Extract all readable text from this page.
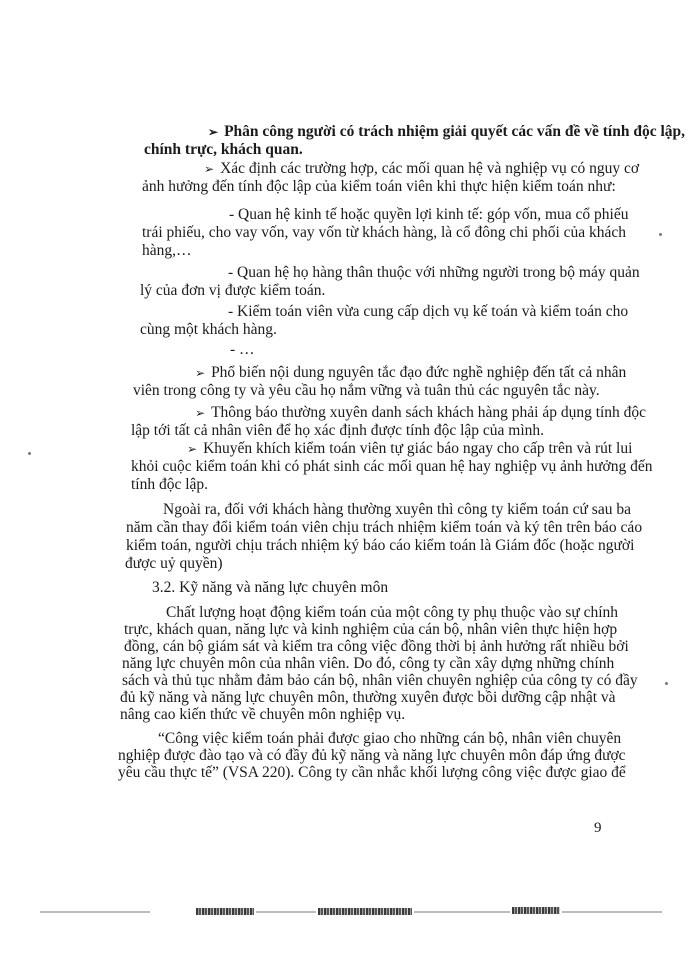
➢ Phân công người có trách nhiệm giải quyết các vấn đề về tính độc lập,
chính trực, khách quan.
➢ Xác định các trường hợp, các mối quan hệ và nghiệp vụ có nguy cơ
ảnh hưởng đến tính độc lập của kiểm toán viên khi thực hiện kiểm toán như:
- Quan hệ kinh tế hoặc quyền lợi kinh tế: góp vốn, mua cổ phiếu
trái phiếu, cho vay vốn, vay vốn từ khách hàng, là cổ đông chi phối của khách
hàng,…
- Quan hệ họ hàng thân thuộc với những người trong bộ máy quản
lý của đơn vị được kiểm toán.
- Kiểm toán viên vừa cung cấp dịch vụ kế toán và kiểm toán cho
cùng một khách hàng.
- …
➢ Phổ biến nội dung nguyên tắc đạo đức nghề nghiệp đến tất cả nhân
viên trong công ty và yêu cầu họ nắm vững và tuân thủ các nguyên tắc này.
➢ Thông báo thường xuyên danh sách khách hàng phải áp dụng tính độc
lập tới tất cả nhân viên để họ xác định được tính độc lập của mình.
➢ Khuyến khích kiểm toán viên tự giác báo ngay cho cấp trên và rút lui
khỏi cuộc kiểm toán khi có phát sinh các mối quan hệ hay nghiệp vụ ảnh hưởng đến
tính độc lập.
Ngoài ra, đối với khách hàng thường xuyên thì công ty kiểm toán cứ sau ba
năm cần thay đổi kiểm toán viên chịu trách nhiệm kiểm toán và ký tên trên báo cáo
kiểm toán, người chịu trách nhiệm ký báo cáo kiểm toán là Giám đốc (hoặc người
được uỷ quyền)
3.2. Kỹ năng và năng lực chuyên môn
Chất lượng hoạt động kiểm toán của một công ty phụ thuộc vào sự chính
trực, khách quan, năng lực và kinh nghiệm của cán bộ, nhân viên thực hiện hợp
đồng, cán bộ giám sát và kiểm tra công việc đồng thời bị ảnh hưởng rất nhiều bởi
năng lực chuyên môn của nhân viên. Do đó, công ty cần xây dựng những chính
sách và thủ tục nhằm đảm bảo cán bộ, nhân viên chuyên nghiệp của công ty có đầy
đủ kỹ năng và năng lực chuyên môn, thường xuyên được bồi dưỡng cập nhật và
nâng cao kiến thức về chuyên môn nghiệp vụ.
“Công việc kiểm toán phải được giao cho những cán bộ, nhân viên chuyên
nghiệp được đào tạo và có đầy đủ kỹ năng và năng lực chuyên môn đáp ứng được
yêu cầu thực tế” (VSA 220). Công ty cần nhắc khối lượng công việc được giao để
9
